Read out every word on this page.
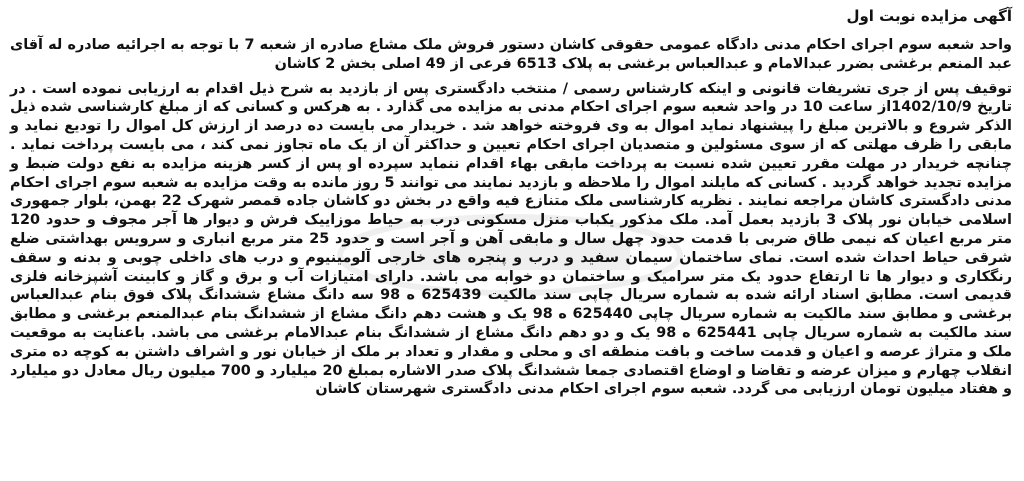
آگهی مزایده نوبت اول

واحد شعبه سوم اجرای احکام مدنی دادگاه عمومی حقوقی کاشان دستور فروش ملک مشاع صادره از شعبه 7 با توجه به اجرائیه صادره له آقای عبد المنعم برغشی بضرر عبدالامام و عبدالعباس برغشی به پلاک 6513 فرعی از 49 اصلی بخش 2 کاشان

توقیف پس از جری تشریفات قانونی و اینکه کارشناس رسمی / منتخب دادگستری پس از بازدید به شرح ذیل اقدام به ارزیابی نموده است . در تاریخ 1402/10/9از ساعت 10 در واحد شعبه سوم اجرای احکام مدنی به مزایده می گذارد . به هرکس و کسانی که از مبلغ کارشناسی شده ذیل الذکر شروع و بالاترین مبلغ را پیشنهاد نماید اموال به وی فروخته خواهد شد . خریدار می بایست ده درصد از ارزش کل اموال را تودیع نماید و مابقی را ظرف مهلتی که از سوی مسئولین و متصدیان اجرای احکام تعیین و حداکثر آن از یک ماه تجاوز نمی کند ، می بایست پرداخت نماید . چنانچه خریدار در مهلت مقرر تعیین شده نسبت به پرداخت مابقی بهاء اقدام ننماید سپرده او پس از کسر هزینه مزایده به نفع دولت ضبط و مزایده تجدید خواهد گردید . کسانی که مایلند اموال را ملاحظه و بازدید نمایند می توانند 5 روز مانده به وقت مزایده به شعبه سوم اجرای احکام مدنی دادگستری کاشان مراجعه نمایند . نظریه کارشناسی ملک متنازع فیه واقع در بخش دو کاشان جاده قمصر شهرک 22 بهمن، بلوار جمهوری اسلامی خیابان نور پلاک 3 بازدید بعمل آمد. ملک مذکور یکباب منزل مسکونی درب به حیاط موزاییک فرش و دیوار ها آجر مجوف و حدود 120 متر مربع اعیان که نیمی طاق ضربی با قدمت حدود چهل سال و مابقی آهن و آجر است و حدود 25 متر مربع انباری و سرویس بهداشتی ضلع شرقی حیاط احداث شده است. نمای ساختمان سیمان سفید و درب و پنجره های خارجی آلومینیوم و درب های داخلی چوبی و بدنه و سقف رنگکاری و دیوار ها تا ارتفاع حدود یک متر سرامیک و ساختمان دو خوابه می باشد. دارای امتیازات آب و برق و گاز و کابینت آشپزخانه فلزی قدیمی است. مطابق اسناد ارائه شده به شماره سریال چاپی سند مالکیت 625439 ه 98 سه دانگ مشاع ششدانگ پلاک فوق بنام عبدالعباس برغشی و مطابق سند مالکیت به شماره سریال چاپی 625440 ه 98 یک و هشت دهم دانگ مشاع از ششدانگ بنام عبدالمنعم برغشی و مطابق سند مالکیت به شماره سریال چاپی 625441 ه 98 یک و دو دهم دانگ مشاع از ششدانگ بنام عبدالامام برغشی می باشد. باعنایت به موقعیت ملک و متراژ عرصه و اعیان و قدمت ساخت و بافت منطقه ای و محلی و مقدار و تعداد بر ملک از خیابان نور و اشراف داشتن به کوچه ده متری انقلاب چهارم و میزان عرضه و تقاضا و اوضاع اقتصادی جمعا ششدانگ پلاک صدر الاشاره بمبلغ 20 میلیارد و 700 میلیون ریال معادل دو میلیارد و هفتاد میلیون تومان ارزیابی می گردد. شعبه سوم اجرای احکام مدنی دادگستری شهرستان کاشان
